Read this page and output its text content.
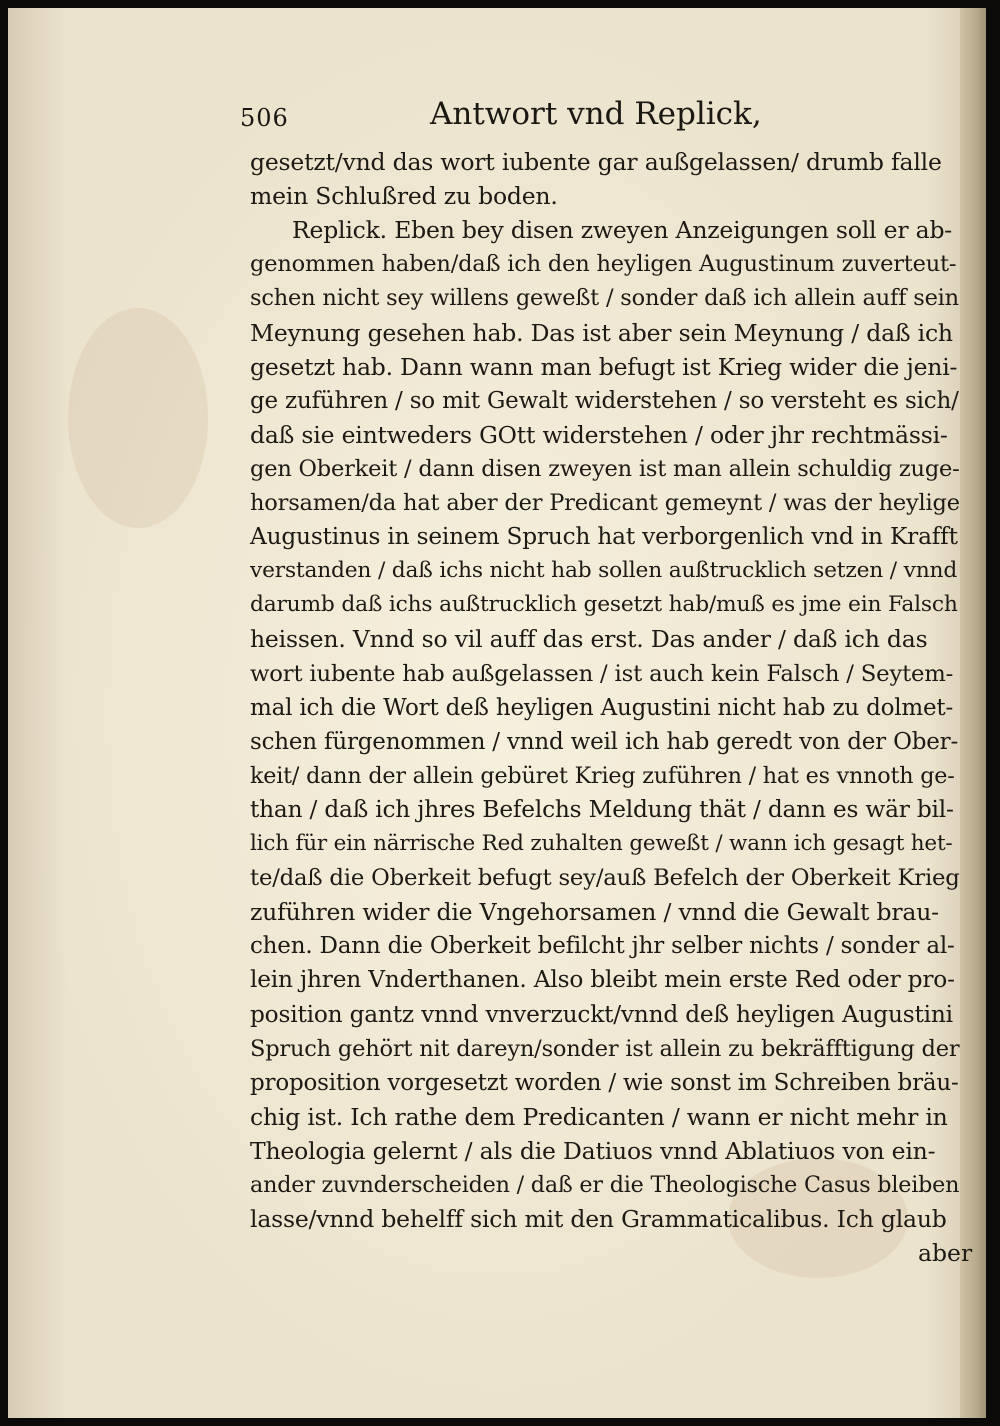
506	Antwort vnd Replick,
gesetzt/vnd das wort iubente gar außgelassen/ drumb falle
mein Schlußred zu boden.
Replick. Eben bey disen zweyen Anzeigungen soll er ab-
genommen haben/daß ich den heyligen Augustinum zuverteut-
schen nicht sey willens geweßt / sonder daß ich allein auff sein
Meynung gesehen hab. Das ist aber sein Meynung / daß ich
gesetzt hab. Dann wann man befugt ist Krieg wider die jeni-
ge zuführen / so mit Gewalt widerstehen / so versteht es sich/
daß sie eintweders GOtt widerstehen / oder jhr rechtmässi-
gen Oberkeit / dann disen zweyen ist man allein schuldig zuge-
horsamen/da hat aber der Predicant gemeynt / was der heylige
Augustinus in seinem Spruch hat verborgenlich vnd in Krafft
verstanden / daß ichs nicht hab sollen außtrucklich setzen / vnnd
darumb daß ichs außtrucklich gesetzt hab/muß es jme ein Falsch
heissen. Vnnd so vil auff das erst. Das ander / daß ich das
wort iubente hab außgelassen / ist auch kein Falsch / Seytem-
mal ich die Wort deß heyligen Augustini nicht hab zu dolmet-
schen fürgenommen / vnnd weil ich hab geredt von der Ober-
keit/ dann der allein gebüret Krieg zuführen / hat es vnnoth ge-
than / daß ich jhres Befelchs Meldung thät / dann es wär bil-
lich für ein närrische Red zuhalten geweßt / wann ich gesagt het-
te/daß die Oberkeit befugt sey/auß Befelch der Oberkeit Krieg
zuführen wider die Vngehorsamen / vnnd die Gewalt brau-
chen. Dann die Oberkeit befilcht jhr selber nichts / sonder al-
lein jhren Vnderthanen. Also bleibt mein erste Red oder pro-
position gantz vnnd vnverzuckt/vnnd deß heyligen Augustini
Spruch gehört nit dareyn/sonder ist allein zu bekräfftigung der
proposition vorgesetzt worden / wie sonst im Schreiben bräu-
chig ist. Ich rathe dem Predicanten / wann er nicht mehr in
Theologia gelernt / als die Datiuos vnnd Ablatiuos von ein-
ander zuvnderscheiden / daß er die Theologische Casus bleiben
lasse/vnnd behelff sich mit den Grammaticalibus. Ich glaub
aber
